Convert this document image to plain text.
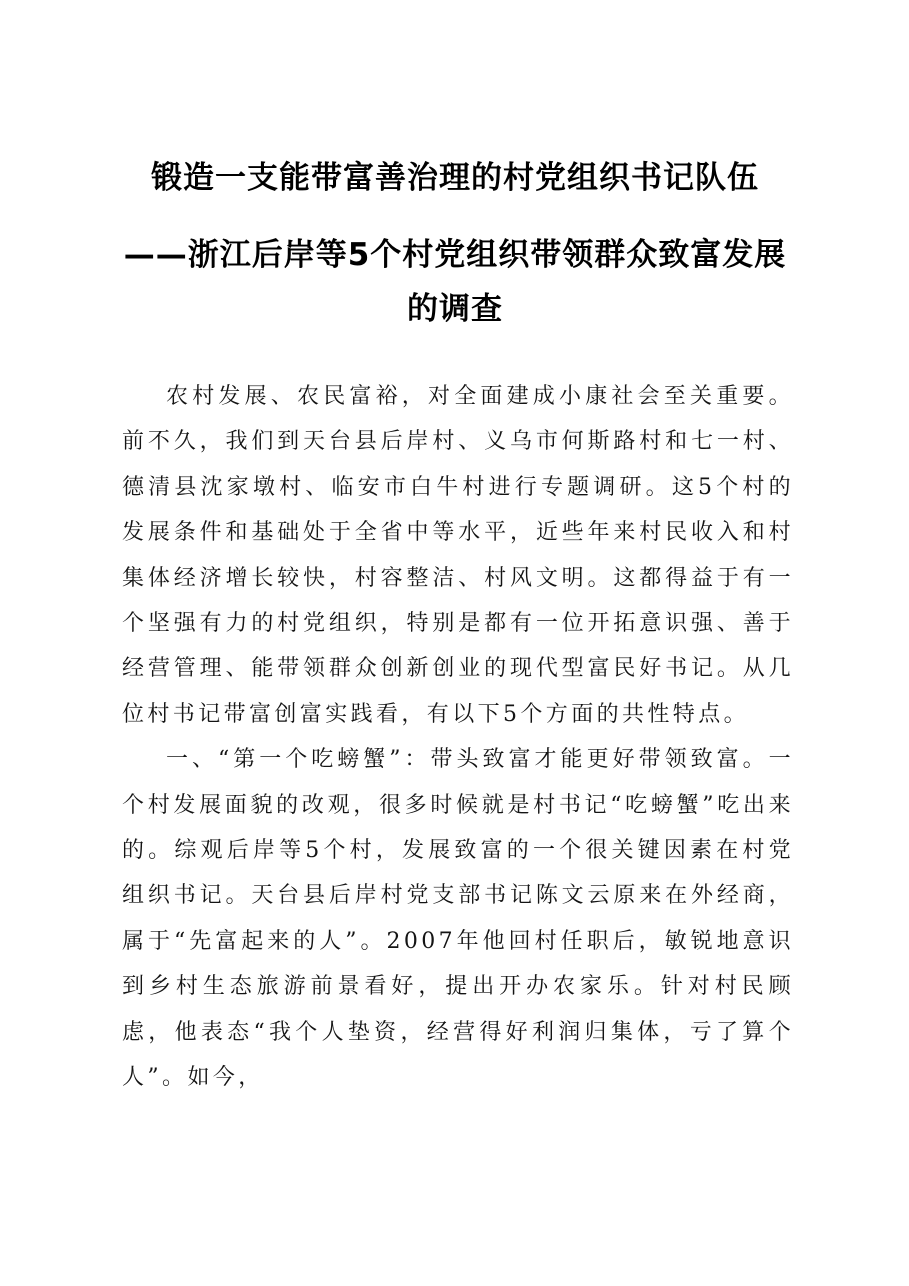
锻造一支能带富善治理的村党组织书记队伍
——浙江后岸等5个村党组织带领群众致富发展的调查

农村发展、农民富裕，对全面建成小康社会至关重要。前不久，我们到天台县后岸村、义乌市何斯路村和七一村、德清县沈家墩村、临安市白牛村进行专题调研。这5个村的发展条件和基础处于全省中等水平，近些年来村民收入和村集体经济增长较快，村容整洁、村风文明。这都得益于有一个坚强有力的村党组织，特别是都有一位开拓意识强、善于经营管理、能带领群众创新创业的现代型富民好书记。从几位村书记带富创富实践看，有以下5个方面的共性特点。

一、“第一个吃螃蟹”：带头致富才能更好带领致富。一个村发展面貌的改观，很多时候就是村书记“吃螃蟹”吃出来的。综观后岸等5个村，发展致富的一个很关键因素在村党组织书记。天台县后岸村党支部书记陈文云原来在外经商，属于“先富起来的人”。2007年他回村任职后，敏锐地意识到乡村生态旅游前景看好，提出开办农家乐。针对村民顾虑，他表态“我个人垫资，经营得好利润归集体，亏了算个人”。如今，
